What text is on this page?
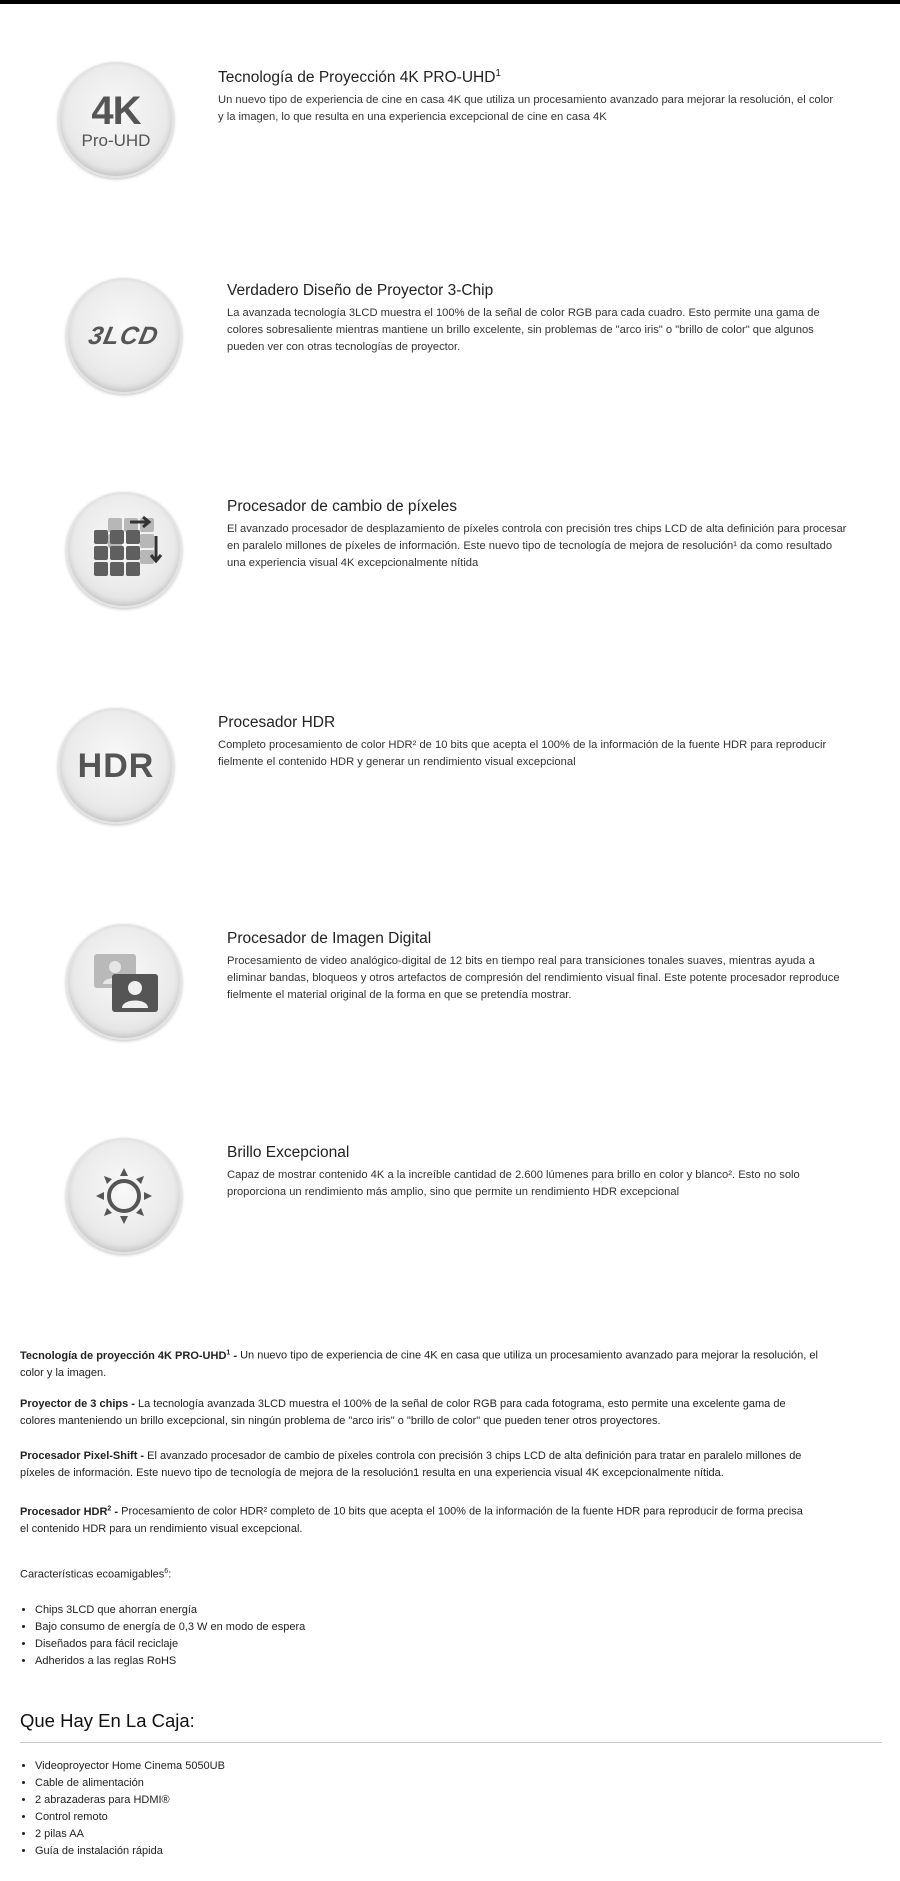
4K
Pro-UHD
Tecnología de Proyección 4K PRO-UHD$^1$

Un nuevo tipo de experiencia de cine en casa 4K que utiliza un procesamiento avanzado para mejorar la resolución, el color
y la imagen, lo que resulta en una experiencia excepcional de cine en casa 4K

3LCD
Verdadero Diseño de Proyector 3-Chip

La avanzada tecnología 3LCD muestra el 100% de la señal de color RGB para cada cuadro. Esto permite una gama de
colores sobresaliente mientras mantiene un brillo excelente, sin problemas de "arco iris" o "brillo de color" que algunos
pueden ver con otras tecnologías de proyector.

Procesador de cambio de píxeles

El avanzado procesador de desplazamiento de píxeles controla con precisión tres chips LCD de alta definición para procesar
en paralelo millones de píxeles de información. Este nuevo tipo de tecnología de mejora de resolución¹ da como resultado
una experiencia visual 4K excepcionalmente nítida

HDR
Procesador HDR

Completo procesamiento de color HDR² de 10 bits que acepta el 100% de la información de la fuente HDR para reproducir
fielmente el contenido HDR y generar un rendimiento visual excepcional

Procesador de Imagen Digital

Procesamiento de video analógico-digital de 12 bits en tiempo real para transiciones tonales suaves, mientras ayuda a
eliminar bandas, bloqueos y otros artefactos de compresión del rendimiento visual final. Este potente procesador reproduce
fielmente el material original de la forma en que se pretendía mostrar.

Brillo Excepcional

Capaz de mostrar contenido 4K a la increíble cantidad de 2.600 lúmenes para brillo en color y blanco². Esto no solo
proporciona un rendimiento más amplio, sino que permite un rendimiento HDR excepcional

Tecnología de proyección 4K PRO-UHD$^1$ - Un nuevo tipo de experiencia de cine 4K en casa que utiliza un procesamiento avanzado para mejorar la resolución, el
color y la imagen.

Proyector de 3 chips - La tecnología avanzada 3LCD muestra el 100% de la señal de color RGB para cada fotograma, esto permite una excelente gama de
colores manteniendo un brillo excepcional, sin ningún problema de "arco iris" o "brillo de color" que pueden tener otros proyectores.

Procesador Pixel-Shift - El avanzado procesador de cambio de píxeles controla con precisión 3 chips LCD de alta definición para tratar en paralelo millones de
píxeles de información. Este nuevo tipo de tecnología de mejora de la resolución1 resulta en una experiencia visual 4K excepcionalmente nítida.

Procesador HDR$^2$ - Procesamiento de color HDR² completo de 10 bits que acepta el 100% de la información de la fuente HDR para reproducir de forma precisa
el contenido HDR para un rendimiento visual excepcional.

Características ecoamigables$^6$:
• Chips 3LCD que ahorran energía
• Bajo consumo de energía de 0,3 W en modo de espera
• Diseñados para fácil reciclaje
• Adheridos a las reglas RoHS
Que Hay En La Caja:
• Videoproyector Home Cinema 5050UB
• Cable de alimentación
• 2 abrazaderas para HDMI®
• Control remoto
• 2 pilas AA
• Guía de instalación rápida
